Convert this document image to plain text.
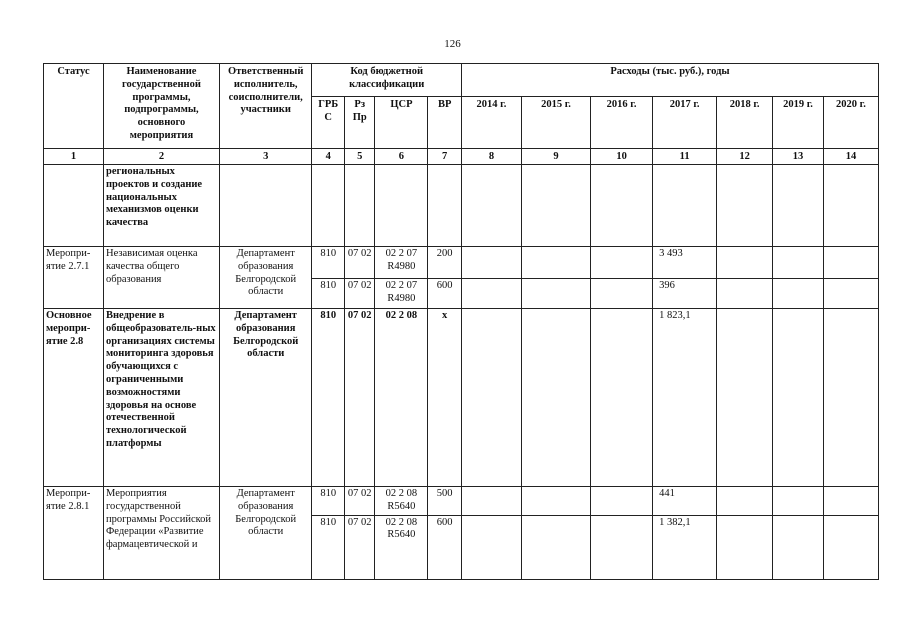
126
Статус	Наименование государственной программы, подпрограммы, основного мероприятия	Ответственный исполнитель, соисполнители, участники	Код бюджетной классификации				Расходы (тыс. руб.), годы						
			ГРБ С	Рз Пр	ЦСР	ВР	2014 г.	2015 г.	2016 г.	2017 г.	2018 г.	2019 г.	2020 г.
1	2	3	4	5	6	7	8	9	10	11	12	13	14
	региональных проектов и создание национальных механизмов оценки качества												
Меропри-ятие 2.7.1	Независимая оценка качества общего образования	Департамент образования Белгородской области	810	07 02	02 2 07 R4980	200				3 493			
			810	07 02	02 2 07 R4980	600				396			
Основное меропри-ятие 2.8	Внедрение в общеобразователь-ных организациях системы мониторинга здоровья обучающихся с ограниченными возможностями здоровья на основе отечественной технологической платформы	Департамент образования Белгородской области	810	07 02	02 2 08	х				1 823,1			
Меропри-ятие 2.8.1	Мероприятия государственной программы Российской Федерации «Развитие фармацевтической и	Департамент образования Белгородской области	810	07 02	02 2 08 R5640	500				441			
			810	07 02	02 2 08 R5640	600				1 382,1			
